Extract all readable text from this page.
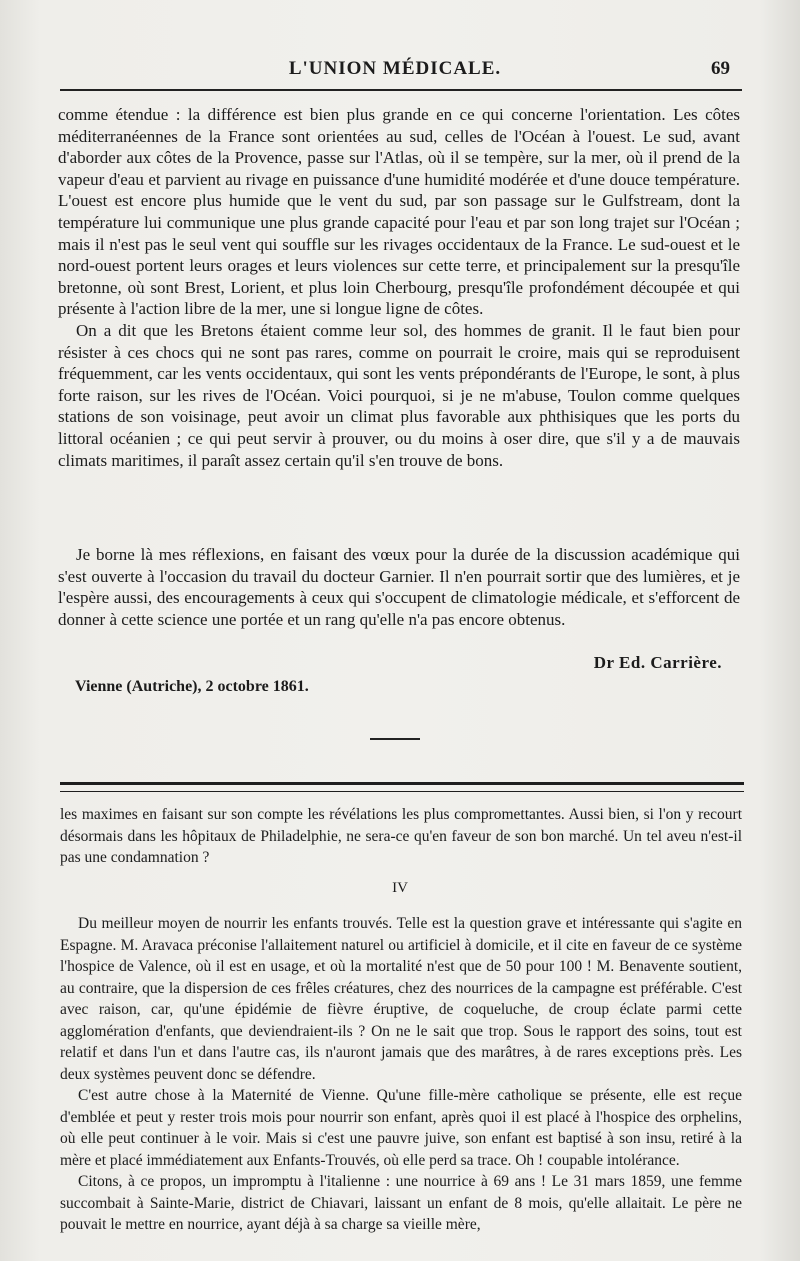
L'UNION MÉDICALE.	69

comme étendue : la différence est bien plus grande en ce qui concerne l'orientation. Les côtes méditerranéennes de la France sont orientées au sud, celles de l'Océan à l'ouest. Le sud, avant d'aborder aux côtes de la Provence, passe sur l'Atlas, où il se tempère, sur la mer, où il prend de la vapeur d'eau et parvient au rivage en puissance d'une humidité modérée et d'une douce température. L'ouest est encore plus humide que le vent du sud, par son passage sur le Gulfstream, dont la température lui communique une plus grande capacité pour l'eau et par son long trajet sur l'Océan ; mais il n'est pas le seul vent qui souffle sur les rivages occidentaux de la France. Le sud-ouest et le nord-ouest portent leurs orages et leurs violences sur cette terre, et principalement sur la presqu'île bretonne, où sont Brest, Lorient, et plus loin Cherbourg, presqu'île profondément découpée et qui présente à l'action libre de la mer, une si longue ligne de côtes.

On a dit que les Bretons étaient comme leur sol, des hommes de granit. Il le faut bien pour résister à ces chocs qui ne sont pas rares, comme on pourrait le croire, mais qui se reproduisent fréquemment, car les vents occidentaux, qui sont les vents prépondérants de l'Europe, le sont, à plus forte raison, sur les rives de l'Océan. Voici pourquoi, si je ne m'abuse, Toulon comme quelques stations de son voisinage, peut avoir un climat plus favorable aux phthisiques que les ports du littoral océanien ; ce qui peut servir à prouver, ou du moins à oser dire, que s'il y a de mauvais climats maritimes, il paraît assez certain qu'il s'en trouve de bons.

Je borne là mes réflexions, en faisant des vœux pour la durée de la discussion académique qui s'est ouverte à l'occasion du travail du docteur Garnier. Il n'en pourrait sortir que des lumières, et je l'espère aussi, des encouragements à ceux qui s'occupent de climatologie médicale, et s'efforcent de donner à cette science une portée et un rang qu'elle n'a pas encore obtenus.

Dr Ed. Carrière.
Vienne (Autriche), 2 octobre 1861.

les maximes en faisant sur son compte les révélations les plus compromettantes. Aussi bien, si l'on y recourt désormais dans les hôpitaux de Philadelphie, ne sera-ce qu'en faveur de son bon marché. Un tel aveu n'est-il pas une condamnation ?

IV

Du meilleur moyen de nourrir les enfants trouvés. Telle est la question grave et intéressante qui s'agite en Espagne. M. Aravaca préconise l'allaitement naturel ou artificiel à domicile, et il cite en faveur de ce système l'hospice de Valence, où il est en usage, et où la mortalité n'est que de 50 pour 100 ! M. Benavente soutient, au contraire, que la dispersion de ces frêles créatures, chez des nourrices de la campagne est préférable. C'est avec raison, car, qu'une épidémie de fièvre éruptive, de coqueluche, de croup éclate parmi cette agglomération d'enfants, que deviendraient-ils ? On ne le sait que trop. Sous le rapport des soins, tout est relatif et dans l'un et dans l'autre cas, ils n'auront jamais que des marâtres, à de rares exceptions près. Les deux systèmes peuvent donc se défendre.

C'est autre chose à la Maternité de Vienne. Qu'une fille-mère catholique se présente, elle est reçue d'emblée et peut y rester trois mois pour nourrir son enfant, après quoi il est placé à l'hospice des orphelins, où elle peut continuer à le voir. Mais si c'est une pauvre juive, son enfant est baptisé à son insu, retiré à la mère et placé immédiatement aux Enfants-Trouvés, où elle perd sa trace. Oh ! coupable intolérance.

Citons, à ce propos, un impromptu à l'italienne : une nourrice à 69 ans ! Le 31 mars 1859, une femme succombait à Sainte-Marie, district de Chiavari, laissant un enfant de 8 mois, qu'elle allaitait. Le père ne pouvait le mettre en nourrice, ayant déjà à sa charge sa vieille mère,
